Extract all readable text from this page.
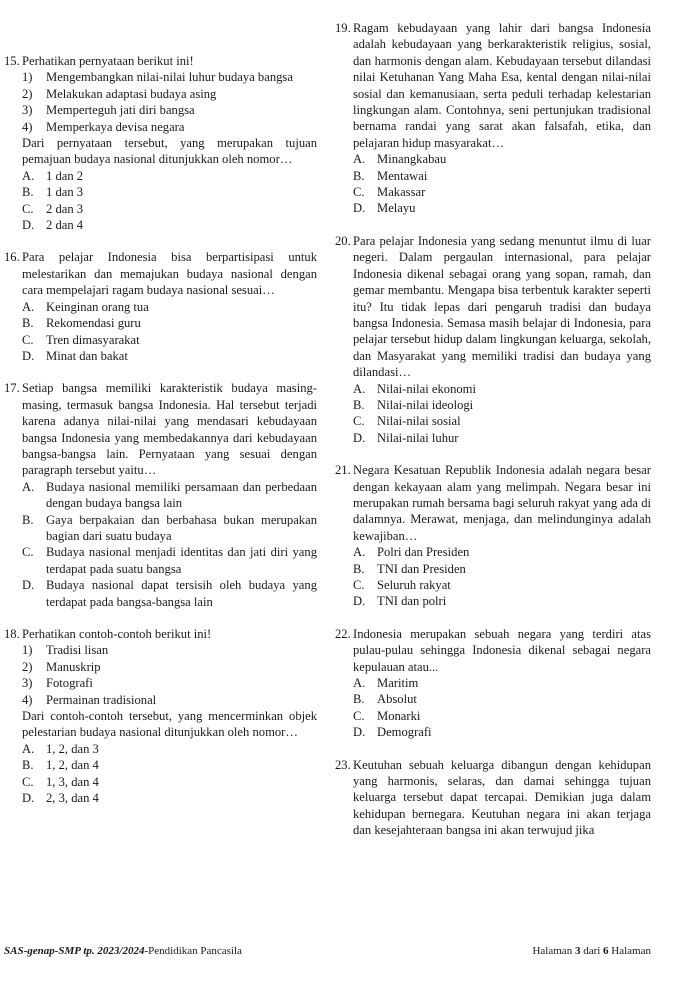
15. Perhatikan pernyataan berikut ini!
1) Mengembangkan nilai-nilai luhur budaya bangsa
2) Melakukan adaptasi budaya asing
3) Memperteguh jati diri bangsa
4) Memperkaya devisa negara
Dari pernyataan tersebut, yang merupakan tujuan pemajuan budaya nasional ditunjukkan oleh nomor…
A. 1 dan 2
B. 1 dan 3
C. 2 dan 3
D. 2 dan 4
16. Para pelajar Indonesia bisa berpartisipasi untuk melestarikan dan memajukan budaya nasional dengan cara mempelajari ragam budaya nasional sesuai…
A. Keinginan orang tua
B. Rekomendasi guru
C. Tren dimasyarakat
D. Minat dan bakat
17. Setiap bangsa memiliki karakteristik budaya masing-masing, termasuk bangsa Indonesia. Hal tersebut terjadi karena adanya nilai-nilai yang mendasari kebudayaan bangsa Indonesia yang membedakannya dari kebudayaan bangsa-bangsa lain. Pernyataan yang sesuai dengan paragraph tersebut yaitu…
A. Budaya nasional memiliki persamaan dan perbedaan dengan budaya bangsa lain
B. Gaya berpakaian dan berbahasa bukan merupakan bagian dari suatu budaya
C. Budaya nasional menjadi identitas dan jati diri yang terdapat pada suatu bangsa
D. Budaya nasional dapat tersisih oleh budaya yang terdapat pada bangsa-bangsa lain
18. Perhatikan contoh-contoh berikut ini!
1) Tradisi lisan
2) Manuskrip
3) Fotografi
4) Permainan tradisional
Dari contoh-contoh tersebut, yang mencerminkan objek pelestarian budaya nasional ditunjukkan oleh nomor…
A. 1, 2, dan 3
B. 1, 2, dan 4
C. 1, 3, dan 4
D. 2, 3, dan 4
19. Ragam kebudayaan yang lahir dari bangsa Indonesia adalah kebudayaan yang berkarakteristik religius, sosial, dan harmonis dengan alam. Kebudayaan tersebut dilandasi nilai Ketuhanan Yang Maha Esa, kental dengan nilai-nilai sosial dan kemanusiaan, serta peduli terhadap kelestarian lingkungan alam. Contohnya, seni pertunjukan tradisional bernama randai yang sarat akan falsafah, etika, dan pelajaran hidup masyarakat…
A. Minangkabau
B. Mentawai
C. Makassar
D. Melayu
20. Para pelajar Indonesia yang sedang menuntut ilmu di luar negeri. Dalam pergaulan internasional, para pelajar Indonesia dikenal sebagai orang yang sopan, ramah, dan gemar membantu. Mengapa bisa terbentuk karakter seperti itu? Itu tidak lepas dari pengaruh tradisi dan budaya bangsa Indonesia. Semasa masih belajar di Indonesia, para pelajar tersebut hidup dalam lingkungan keluarga, sekolah, dan Masyarakat yang memiliki tradisi dan budaya yang dilandasi…
A. Nilai-nilai ekonomi
B. Nilai-nilai ideologi
C. Nilai-nilai sosial
D. Nilai-nilai luhur
21. Negara Kesatuan Republik Indonesia adalah negara besar dengan kekayaan alam yang melimpah. Negara besar ini merupakan rumah bersama bagi seluruh rakyat yang ada di dalamnya. Merawat, menjaga, dan melindunginya adalah kewajiban…
A. Polri dan Presiden
B. TNI dan Presiden
C. Seluruh rakyat
D. TNI dan polri
22. Indonesia merupakan sebuah negara yang terdiri atas pulau-pulau sehingga Indonesia dikenal sebagai negara kepulauan atau...
A. Maritim
B. Absolut
C. Monarki
D. Demografi
23. Keutuhan sebuah keluarga dibangun dengan kehidupan yang harmonis, selaras, dan damai sehingga tujuan keluarga tersebut dapat tercapai. Demikian juga dalam kehidupan bernegara. Keutuhan negara ini akan terjaga dan kesejahteraan bangsa ini akan terwujud jika
SAS-genap-SMP tp. 2023/2024-Pendidikan Pancasila	Halaman 3 dari 6 Halaman
